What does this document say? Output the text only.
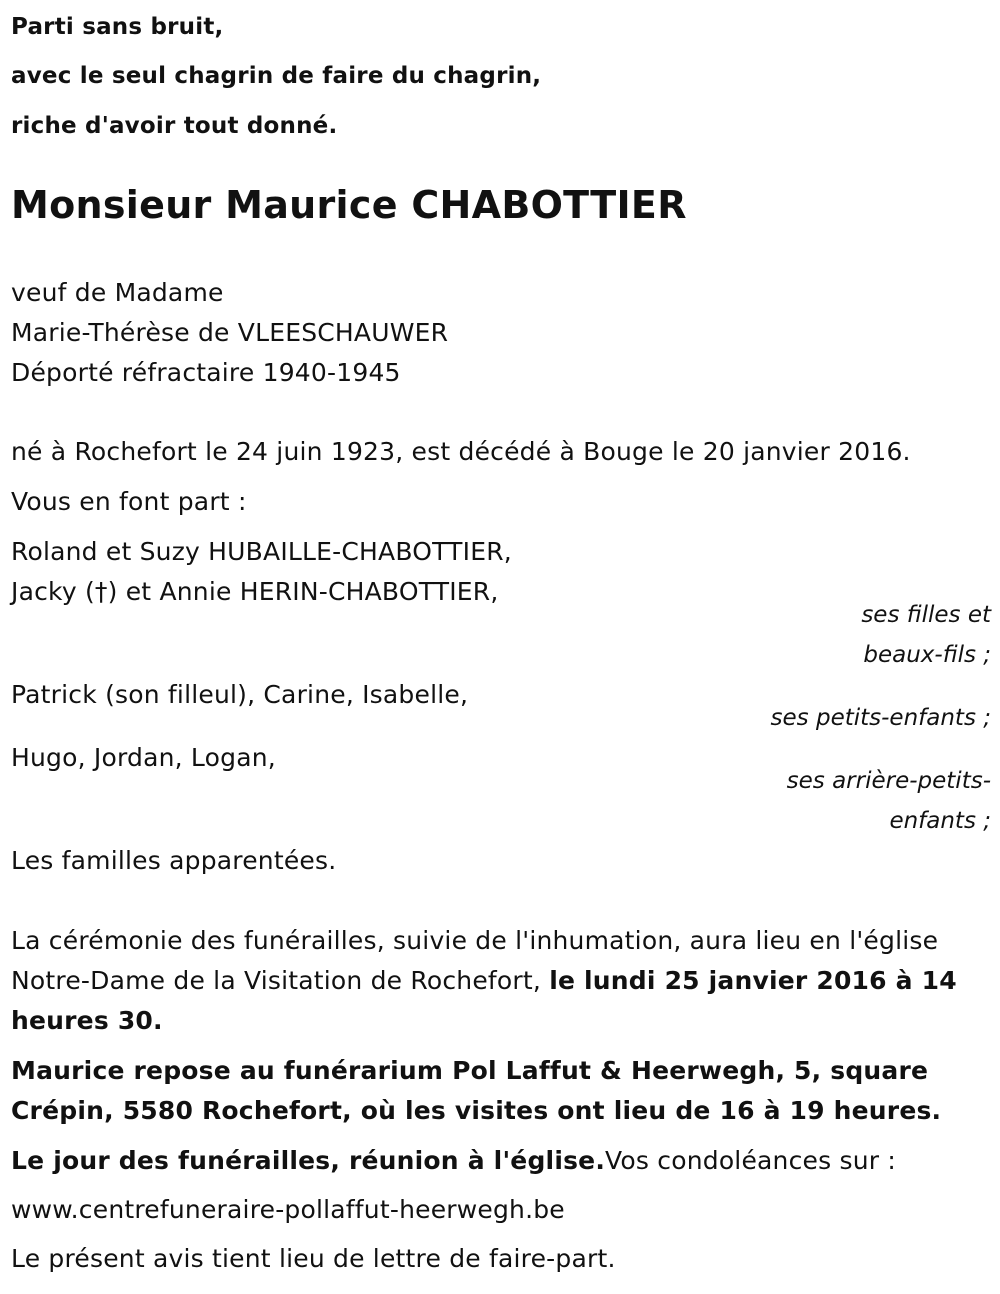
Parti sans bruit,
avec le seul chagrin de faire du chagrin,
riche d'avoir tout donné.
Monsieur Maurice CHABOTTIER
veuf de Madame
Marie-Thérèse de VLEESCHAUWER
Déporté réfractaire 1940-1945
né à Rochefort le 24 juin 1923, est décédé à Bouge le 20 janvier 2016.
Vous en font part :
Roland et Suzy HUBAILLE-CHABOTTIER,
Jacky (†) et Annie HERIN-CHABOTTIER,
ses filles et
beaux-fils ;
Patrick (son filleul), Carine, Isabelle,
ses petits-enfants ;
Hugo, Jordan, Logan,
ses arrière-petits-
enfants ;
Les familles apparentées.
La cérémonie des funérailles, suivie de l'inhumation, aura lieu en l'église
Notre-Dame de la Visitation de Rochefort, le lundi 25 janvier 2016 à 14
heures 30.
Maurice repose au funérarium Pol Laffut & Heerwegh, 5, square
Crépin, 5580 Rochefort, où les visites ont lieu de 16 à 19 heures.
Le jour des funérailles, réunion à l'église.Vos condoléances sur :
www.centrefuneraire-pollaffut-heerwegh.be
Le présent avis tient lieu de lettre de faire-part.
